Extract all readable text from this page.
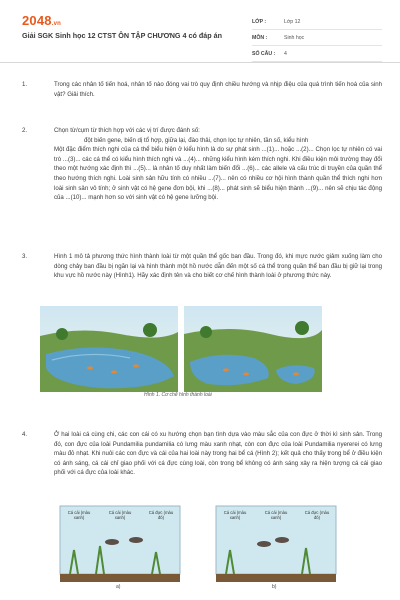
2048.vn
Giải SGK Sinh học 12 CTST ÔN TẬP CHƯƠNG 4 có đáp án
LỚP :	Lớp 12
MÔN :	Sinh học
SỐ CÂU :	4
1.	Trong các nhân tố tiến hoá, nhân tố nào đóng vai trò quy định chiều hướng và nhịp điệu của quá trình tiến hoá của sinh vật? Giải thích.

2.	Chọn từ/cụm từ thích hợp với các vị trí được đánh số:

đột biến gene, biến dị tổ hợp, giữa lại, đào thải, chọn lọc tự nhiên, tần số, kiểu hình

Một đặc điểm thích nghi của cá thể biểu hiện ở kiểu hình là do sự phát sinh ...(1)... hoặc ...(2)... Chọn lọc tự nhiên có vai trò ...(3)... các cá thể có kiểu hình thích nghi và ...(4)... những kiểu hình kém thích nghi. Khi điều kiện môi trường thay đổi theo một hướng xác định thì ...(5)... là nhân tố duy nhất làm biến đổi ...(6)... các allele và cấu trúc di truyền của quần thể theo hướng thích nghi. Loài sinh sản hữu tính có nhiều ...(7)... nên có nhiều cơ hội hình thành quần thể thích nghi hơn loài sinh sản vô tính; ở sinh vật có hệ gene đơn bội, khi ...(8)... phát sinh sẽ biểu hiện thành ...(9)... nên sẽ chịu tác động của ...(10)... mạnh hơn so với sinh vật có hệ gene lưỡng bội.

3.	Hình 1 mô tả phương thức hình thành loài từ một quần thể gốc ban đầu. Trong đó, khi mực nước giảm xuống làm cho dòng chảy ban đầu bị ngăn lại và hình thành một hồ nước dẫn đến một số cá thể trong quần thể ban đầu bị giữ lại trong khu vực hồ nước này (Hình1). Hãy xác định tên và cho biết cơ chế hình thành loài ở phương thức này.

Hình 1. Cơ chế hình thành loài
4.	Ở hai loài cá cùng chi, các con cái có xu hướng chọn bạn tình dựa vào màu sắc của con đực ở thời kì sinh sản. Trong đó, con đực của loài Pundamilia pundamilia có lưng màu xanh nhạt, còn con đực của loài Pundamilia nyererei có lưng màu đỏ nhạt. Khi nuôi các con đực và cái của hai loài này trong hai bể cá (Hình 2); kết quả cho thấy trong bể ở điều kiện có ánh sáng, cá cái chỉ giao phối với cá đực cùng loài, còn trong bể không có ánh sáng xảy ra hiện tượng cá cái giao phối với cá đực của loài khác.

Cá cái (màu xanh)
Cá cái (màu xanh)
Cá đực (màu đỏ)
Cá cái (màu xanh)
Cá cái (màu xanh)
Cá đực (màu đỏ)
a)	b)
